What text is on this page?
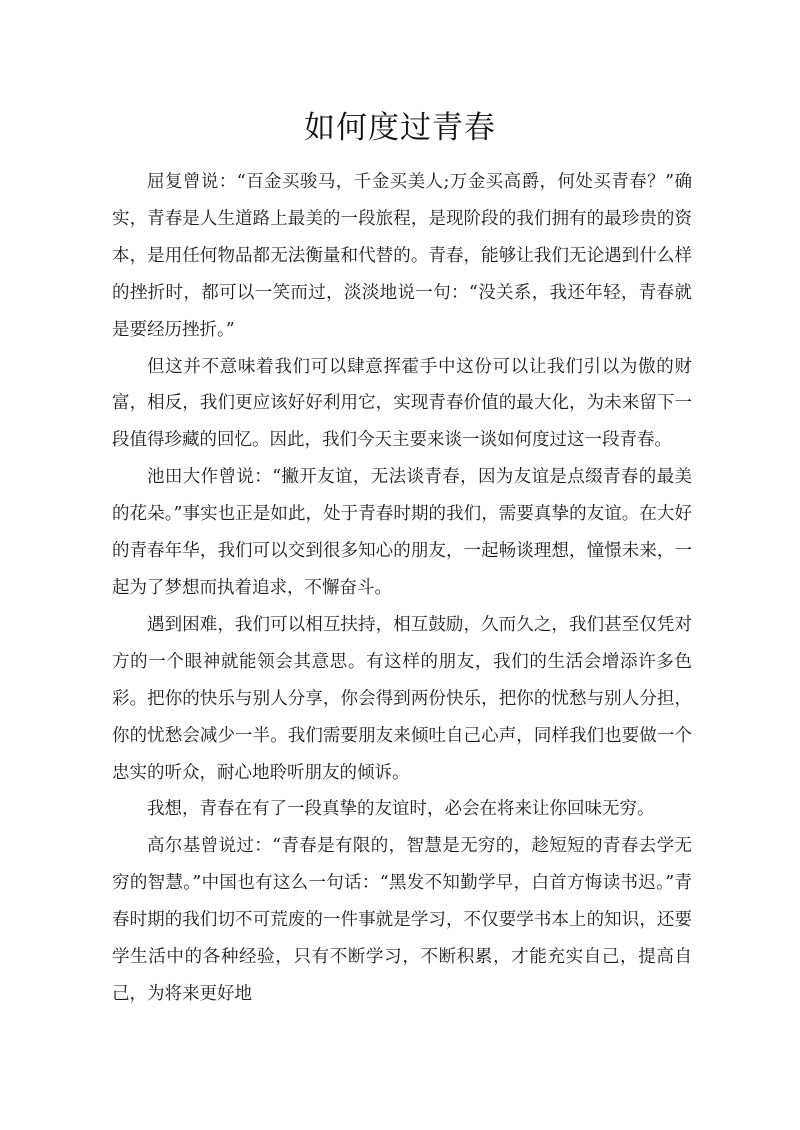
如何度过青春

屈复曾说：“百金买骏马，千金买美人;万金买高爵，何处买青春？”确实，青春是人生道路上最美的一段旅程，是现阶段的我们拥有的最珍贵的资本，是用任何物品都无法衡量和代替的。青春，能够让我们无论遇到什么样的挫折时，都可以一笑而过，淡淡地说一句：“没关系，我还年轻，青春就是要经历挫折。”

但这并不意味着我们可以肆意挥霍手中这份可以让我们引以为傲的财富，相反，我们更应该好好利用它，实现青春价值的最大化，为未来留下一段值得珍藏的回忆。因此，我们今天主要来谈一谈如何度过这一段青春。

池田大作曾说：“撇开友谊，无法谈青春，因为友谊是点缀青春的最美的花朵。”事实也正是如此，处于青春时期的我们，需要真挚的友谊。在大好的青春年华，我们可以交到很多知心的朋友，一起畅谈理想，憧憬未来，一起为了梦想而执着追求，不懈奋斗。

遇到困难，我们可以相互扶持，相互鼓励，久而久之，我们甚至仅凭对方的一个眼神就能领会其意思。有这样的朋友，我们的生活会增添许多色彩。把你的快乐与别人分享，你会得到两份快乐，把你的忧愁与别人分担，你的忧愁会减少一半。我们需要朋友来倾吐自己心声，同样我们也要做一个忠实的听众，耐心地聆听朋友的倾诉。

我想，青春在有了一段真挚的友谊时，必会在将来让你回味无穷。

高尔基曾说过：“青春是有限的，智慧是无穷的，趁短短的青春去学无穷的智慧。”中国也有这么一句话：“黑发不知勤学早，白首方悔读书迟。”青春时期的我们切不可荒废的一件事就是学习，不仅要学书本上的知识，还要学生活中的各种经验，只有不断学习，不断积累，才能充实自己，提高自己，为将来更好地
